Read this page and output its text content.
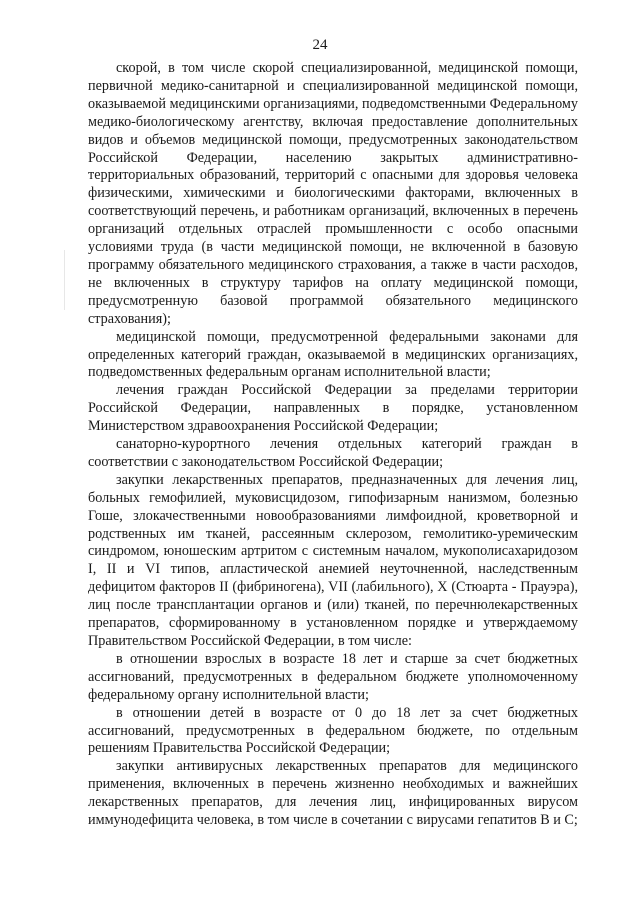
24

скорой, в том числе скорой специализированной, медицинской помощи, первичной медико-санитарной и специализированной медицинской помощи, оказываемой медицинскими организациями, подведомственными Федеральному медико-биологическому агентству, включая предоставление дополнительных видов и объемов медицинской помощи, предусмотренных законодательством Российской Федерации, населению закрытых административно-территориальных образований, территорий с опасными для здоровья человека физическими, химическими и биологическими факторами, включенных в соответствующий перечень, и работникам организаций, включенных в перечень организаций отдельных отраслей промышленности с особо опасными условиями труда (в части медицинской помощи, не включенной в базовую программу обязательного медицинского страхования, а также в части расходов, не включенных в структуру тарифов на оплату медицинской помощи, предусмотренную базовой программой обязательного медицинского страхования);

медицинской помощи, предусмотренной федеральными законами для определенных категорий граждан, оказываемой в медицинских организациях, подведомственных федеральным органам исполнительной власти;

лечения граждан Российской Федерации за пределами территории Российской Федерации, направленных в порядке, установленном Министерством здравоохранения Российской Федерации;

санаторно-курортного лечения отдельных категорий граждан в соответствии с законодательством Российской Федерации;

закупки лекарственных препаратов, предназначенных для лечения лиц, больных гемофилией, муковисцидозом, гипофизарным нанизмом, болезнью Гоше, злокачественными новообразованиями лимфоидной, кроветворной и родственных им тканей, рассеянным склерозом, гемолитико-уремическим синдромом, юношеским артритом с системным началом, мукополисахаридозом I, II и VI типов, апластической анемией неуточненной, наследственным дефицитом факторов II (фибриногена), VII (лабильного), X (Стюарта - Прауэра), лиц после трансплантации органов и (или) тканей, по перечнюлекарственных препаратов, сформированному в установленном порядке и утверждаемому Правительством Российской Федерации, в том числе:

в отношении взрослых в возрасте 18 лет и старше за счет бюджетных ассигнований, предусмотренных в федеральном бюджете уполномоченному федеральному органу исполнительной власти;

в отношении детей в возрасте от 0 до 18 лет за счет бюджетных ассигнований, предусмотренных в федеральном бюджете, по отдельным решениям Правительства Российской Федерации;

закупки антивирусных лекарственных препаратов для медицинского применения, включенных в перечень жизненно необходимых и важнейших лекарственных препаратов, для лечения лиц, инфицированных вирусом иммунодефицита человека, в том числе в сочетании с вирусами гепатитов В и С;
